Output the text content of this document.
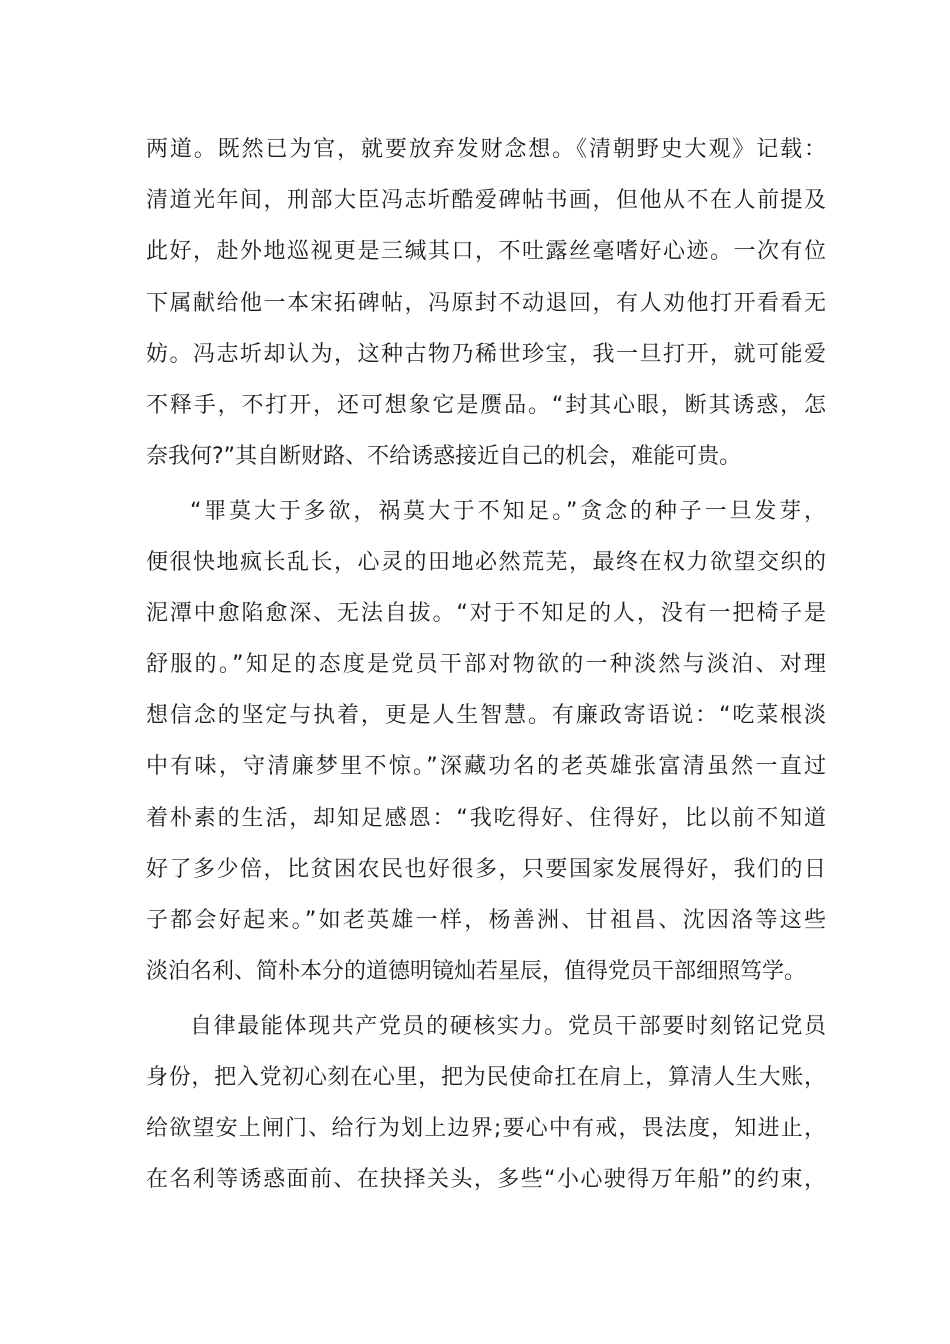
两道。既然已为官，就要放弃发财念想。《清朝野史大观》记载：
清道光年间，刑部大臣冯志圻酷爱碑帖书画，但他从不在人前提及
此好，赴外地巡视更是三缄其口，不吐露丝毫嗜好心迹。一次有位
下属献给他一本宋拓碑帖，冯原封不动退回，有人劝他打开看看无
妨。冯志圻却认为，这种古物乃稀世珍宝，我一旦打开，就可能爱
不释手，不打开，还可想象它是赝品。“封其心眼，断其诱惑，怎
奈我何?”其自断财路、不给诱惑接近自己的机会，难能可贵。
“罪莫大于多欲，祸莫大于不知足。”贪念的种子一旦发芽，
便很快地疯长乱长，心灵的田地必然荒芜，最终在权力欲望交织的
泥潭中愈陷愈深、无法自拔。“对于不知足的人，没有一把椅子是
舒服的。”知足的态度是党员干部对物欲的一种淡然与淡泊、对理
想信念的坚定与执着，更是人生智慧。有廉政寄语说：“吃菜根淡
中有味，守清廉梦里不惊。”深藏功名的老英雄张富清虽然一直过
着朴素的生活，却知足感恩：“我吃得好、住得好，比以前不知道
好了多少倍，比贫困农民也好很多，只要国家发展得好，我们的日
子都会好起来。”如老英雄一样，杨善洲、甘祖昌、沈因洛等这些
淡泊名利、简朴本分的道德明镜灿若星辰，值得党员干部细照笃学。
自律最能体现共产党员的硬核实力。党员干部要时刻铭记党员
身份，把入党初心刻在心里，把为民使命扛在肩上，算清人生大账，
给欲望安上闸门、给行为划上边界;要心中有戒，畏法度，知进止，
在名利等诱惑面前、在抉择关头，多些“小心驶得万年船”的约束，
